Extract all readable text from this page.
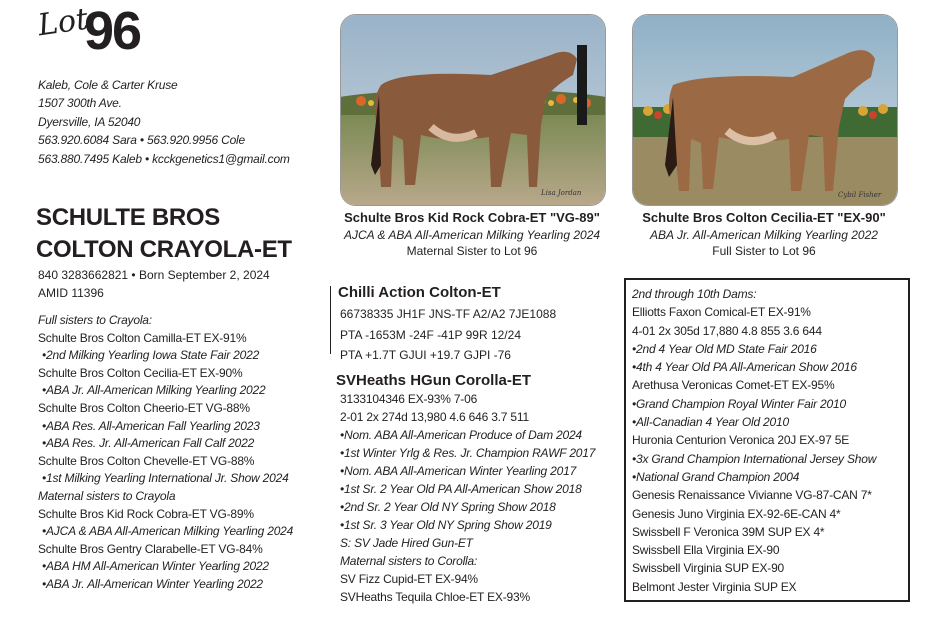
Lot
96
Kaleb, Cole & Carter Kruse
1507 300th Ave.
Dyersville, IA 52040
563.920.6084 Sara • 563.920.9956 Cole
563.880.7495 Kaleb • kcckgenetics1@gmail.com
SCHULTE BROS
COLTON CRAYOLA-ET
840 3283662821 • Born September 2, 2024
AMID 11396
Full sisters to Crayola:
Schulte Bros Colton Camilla-ET EX-91%
•2nd Milking Yearling Iowa State Fair 2022
Schulte Bros Colton Cecilia-ET EX-90%
•ABA Jr. All-American Milking Yearling 2022
Schulte Bros Colton Cheerio-ET VG-88%
•ABA Res. All-American Fall Yearling 2023
•ABA Res. Jr. All-American Fall Calf 2022
Schulte Bros Colton Chevelle-ET VG-88%
•1st Milking Yearling International Jr. Show 2024
Maternal sisters to Crayola
Schulte Bros Kid Rock Cobra-ET VG-89%
•AJCA & ABA All-American Milking Yearling 2024
Schulte Bros Gentry Clarabelle-ET VG-84%
•ABA HM All-American Winter Yearling 2022
•ABA Jr. All-American Winter Yearling 2022
Lisa Jordan
Schulte Bros Kid Rock Cobra-ET "VG-89"
AJCA & ABA All-American Milking Yearling 2024
Maternal Sister to Lot 96
Cybil Fisher
Schulte Bros Colton Cecilia-ET "EX-90"
ABA Jr. All-American Milking Yearling 2022
Full Sister to Lot 96
Chilli Action Colton-ET
66738335 JH1F JNS-TF A2/A2 7JE1088
PTA -1653M -24F -41P 99R 12/24
PTA +1.7T GJUI +19.7 GJPI -76
SVHeaths HGun Corolla-ET
3133104346 EX-93% 7-06
2-01 2x 274d 13,980 4.6 646 3.7 511
•Nom. ABA All-American Produce of Dam 2024
•1st Winter Yrlg & Res. Jr. Champion RAWF 2017
•Nom. ABA All-American Winter Yearling 2017
•1st Sr. 2 Year Old PA All-American Show 2018
•2nd Sr. 2 Year Old NY Spring Show 2018
•1st Sr. 3 Year Old NY Spring Show 2019
S: SV Jade Hired Gun-ET
Maternal sisters to Corolla:
SV Fizz Cupid-ET EX-94%
SVHeaths Tequila Chloe-ET EX-93%
2nd through 10th Dams:
Elliotts Faxon Comical-ET EX-91%
4-01 2x 305d 17,880 4.8 855 3.6 644
•2nd 4 Year Old MD State Fair 2016
•4th 4 Year Old PA All-American Show 2016
Arethusa Veronicas Comet-ET EX-95%
•Grand Champion Royal Winter Fair 2010
•All-Canadian 4 Year Old 2010
Huronia Centurion Veronica 20J EX-97 5E
•3x Grand Champion International Jersey Show
•National Grand Champion 2004
Genesis Renaissance Vivianne VG-87-CAN 7*
Genesis Juno Virginia EX-92-6E-CAN 4*
Swissbell F Veronica 39M SUP EX 4*
Swissbell Ella Virginia EX-90
Swissbell Virginia SUP EX-90
Belmont Jester Virginia SUP EX
